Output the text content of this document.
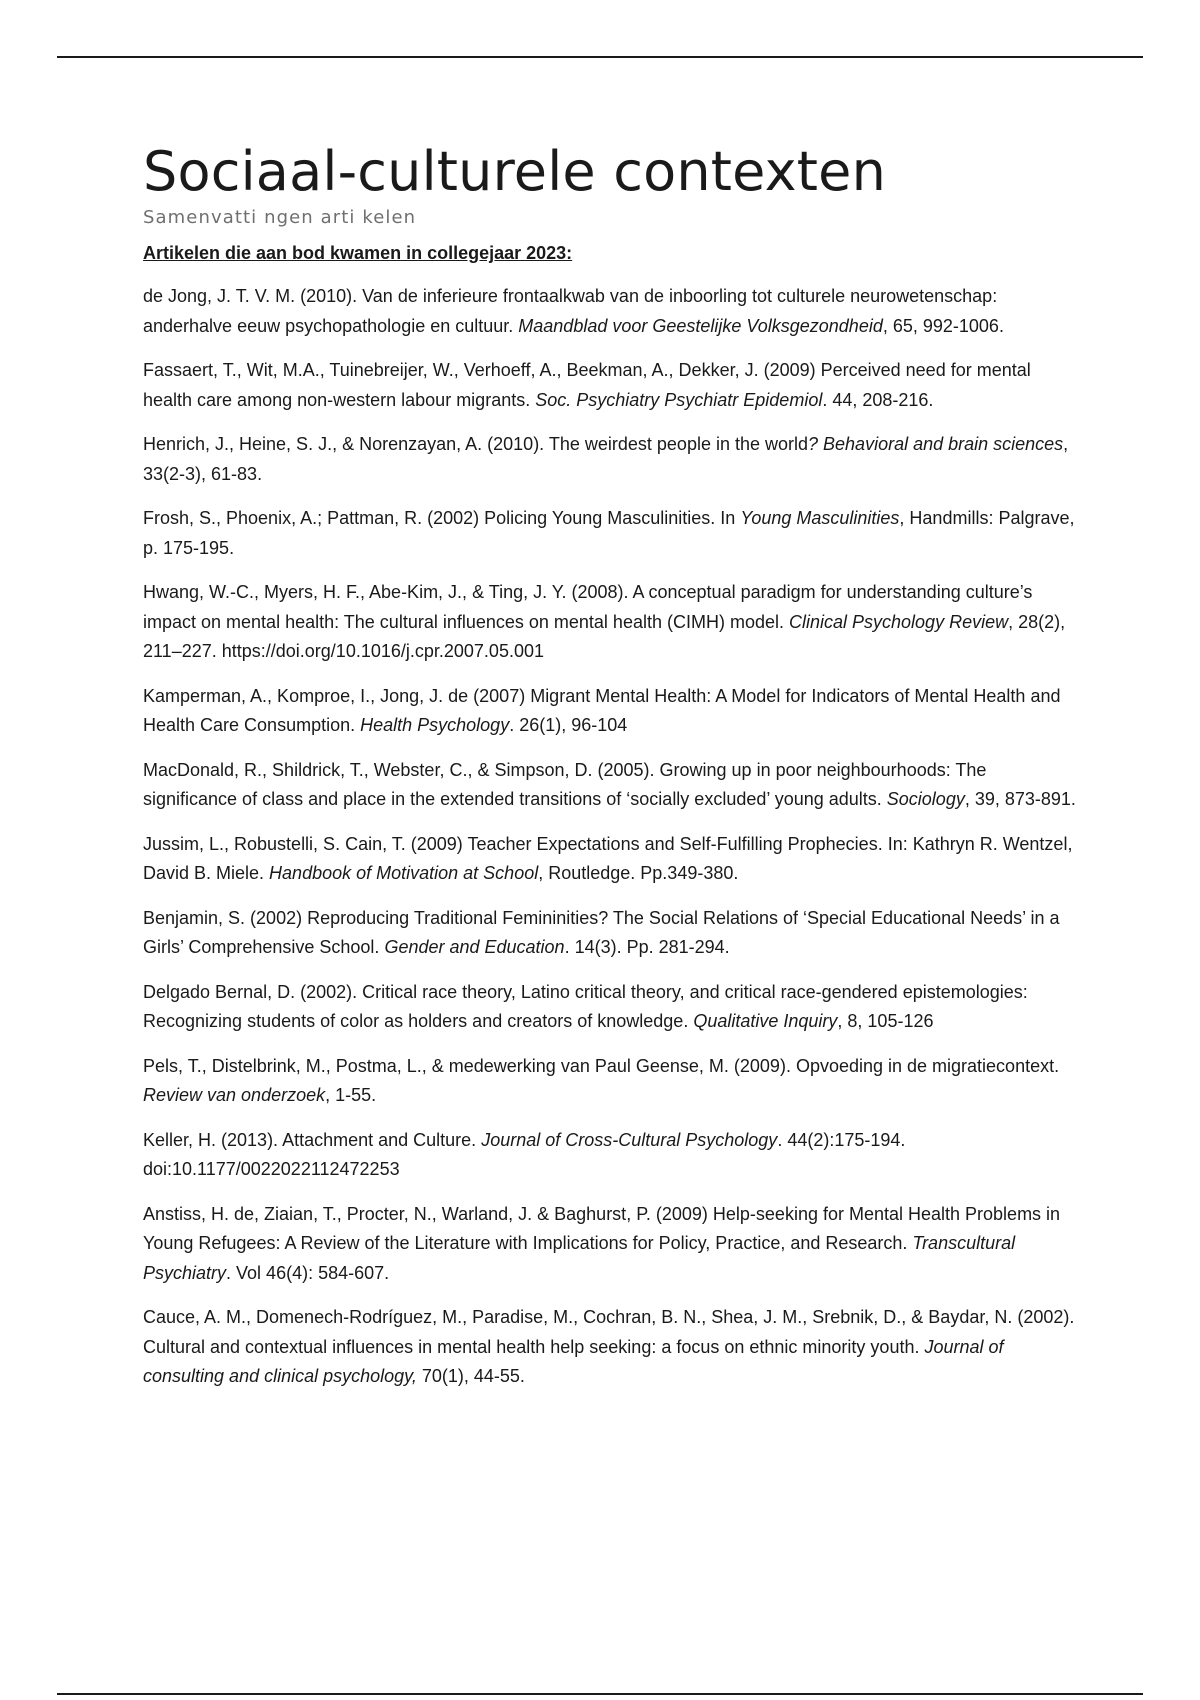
Sociaal-culturele contexten
Samenvatti ngen arti kelen
Artikelen die aan bod kwamen in collegejaar 2023:
de Jong, J. T. V. M. (2010). Van de inferieure frontaalkwab van de inboorling tot culturele neurowetenschap: anderhalve eeuw psychopathologie en cultuur. Maandblad voor Geestelijke Volksgezondheid, 65, 992-1006.
Fassaert, T., Wit, M.A., Tuinebreijer, W., Verhoeff, A., Beekman, A., Dekker, J. (2009) Perceived need for mental health care among non-western labour migrants. Soc. Psychiatry Psychiatr Epidemiol. 44, 208-216.
Henrich, J., Heine, S. J., & Norenzayan, A. (2010). The weirdest people in the world? Behavioral and brain sciences, 33(2-3), 61-83.
Frosh, S., Phoenix, A.; Pattman, R. (2002) Policing Young Masculinities. In Young Masculinities, Handmills: Palgrave, p. 175-195.
Hwang, W.-C., Myers, H. F., Abe-Kim, J., & Ting, J. Y. (2008). A conceptual paradigm for understanding culture’s impact on mental health: The cultural influences on mental health (CIMH) model. Clinical Psychology Review, 28(2), 211–227. https://doi.org/10.1016/j.cpr.2007.05.001
Kamperman, A., Komproe, I., Jong, J. de (2007) Migrant Mental Health: A Model for Indicators of Mental Health and Health Care Consumption. Health Psychology. 26(1), 96-104
MacDonald, R., Shildrick, T., Webster, C., & Simpson, D. (2005). Growing up in poor neighbourhoods: The significance of class and place in the extended transitions of ‘socially excluded’ young adults. Sociology, 39, 873-891.
Jussim, L., Robustelli, S. Cain, T. (2009) Teacher Expectations and Self-Fulfilling Prophecies. In: Kathryn R. Wentzel, David B. Miele. Handbook of Motivation at School, Routledge. Pp.349-380.
Benjamin, S. (2002) Reproducing Traditional Femininities? The Social Relations of ‘Special Educational Needs’ in a Girls’ Comprehensive School. Gender and Education. 14(3). Pp. 281-294.
Delgado Bernal, D. (2002). Critical race theory, Latino critical theory, and critical race-gendered epistemologies: Recognizing students of color as holders and creators of knowledge. Qualitative Inquiry, 8, 105-126
Pels, T., Distelbrink, M., Postma, L., & medewerking van Paul Geense, M. (2009). Opvoeding in de migratiecontext. Review van onderzoek, 1-55.
Keller, H. (2013). Attachment and Culture. Journal of Cross-Cultural Psychology. 44(2):175-194. doi:10.1177/0022022112472253
Anstiss, H. de, Ziaian, T., Procter, N., Warland, J. & Baghurst, P. (2009) Help-seeking for Mental Health Problems in Young Refugees: A Review of the Literature with Implications for Policy, Practice, and Research. Transcultural Psychiatry. Vol 46(4): 584-607.
Cauce, A. M., Domenech-Rodríguez, M., Paradise, M., Cochran, B. N., Shea, J. M., Srebnik, D., & Baydar, N. (2002). Cultural and contextual influences in mental health help seeking: a focus on ethnic minority youth. Journal of consulting and clinical psychology, 70(1), 44-55.
